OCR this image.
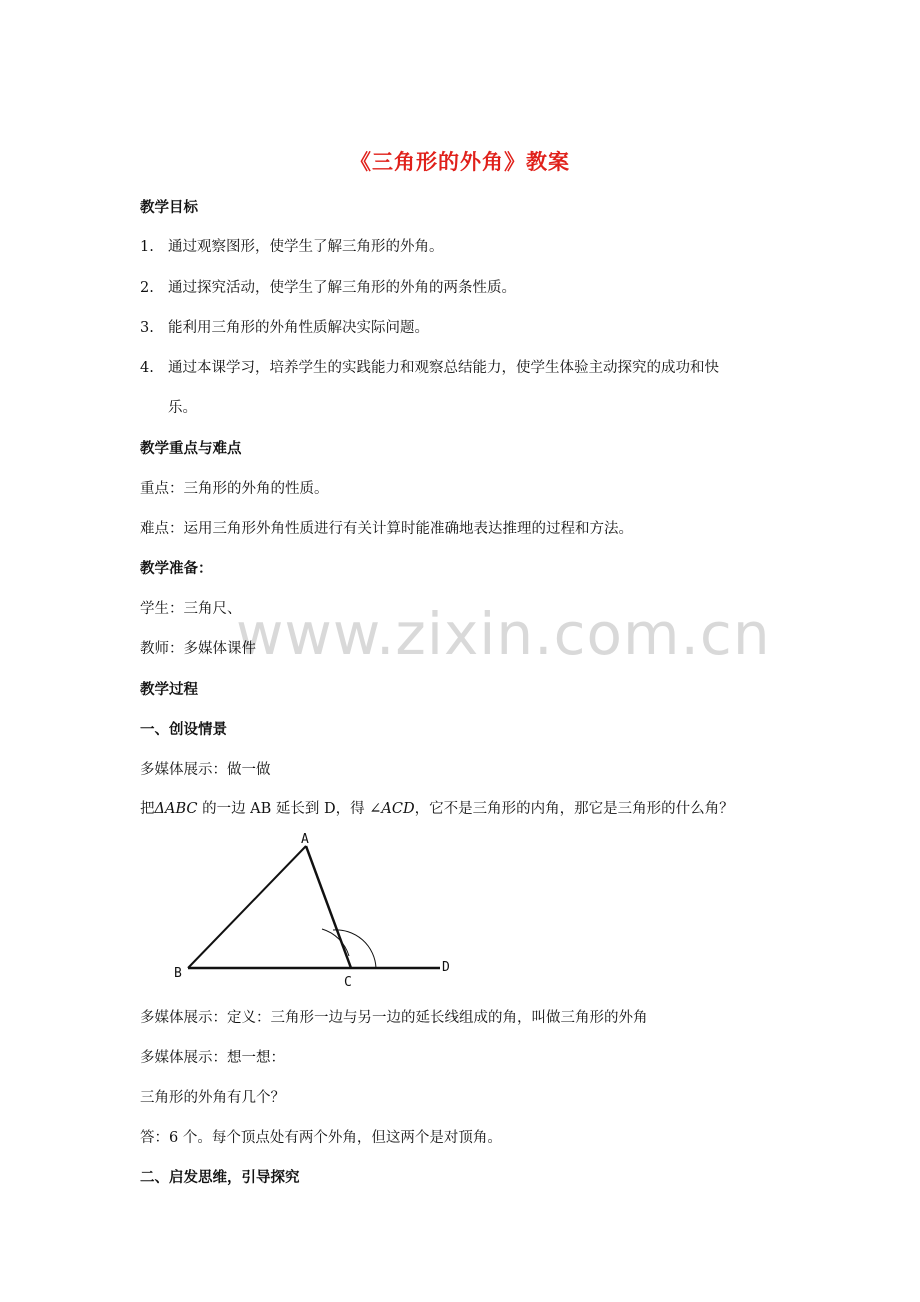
www.zixin.com.cn
《三角形的外角》教案
教学目标
1. 通过观察图形，使学生了解三角形的外角。
2. 通过探究活动，使学生了解三角形的外角的两条性质。
3. 能利用三角形的外角性质解决实际问题。
4. 通过本课学习，培养学生的实践能力和观察总结能力，使学生体验主动探究的成功和快
乐。
教学重点与难点
重点：三角形的外角的性质。
难点：运用三角形外角性质进行有关计算时能准确地表达推理的过程和方法。
教学准备：
学生：三角尺、
教师：多媒体课件
教学过程
一、创设情景
多媒体展示：做一做
把ΔABC 的一边 AB 延长到 D，得 ∠ACD，它不是三角形的内角，那它是三角形的什么角？
A
B
C
D
多媒体展示：定义：三角形一边与另一边的延长线组成的角，叫做三角形的外角
多媒体展示：想一想：
三角形的外角有几个？
答：6 个。每个顶点处有两个外角，但这两个是对顶角。
二、启发思维，引导探究
